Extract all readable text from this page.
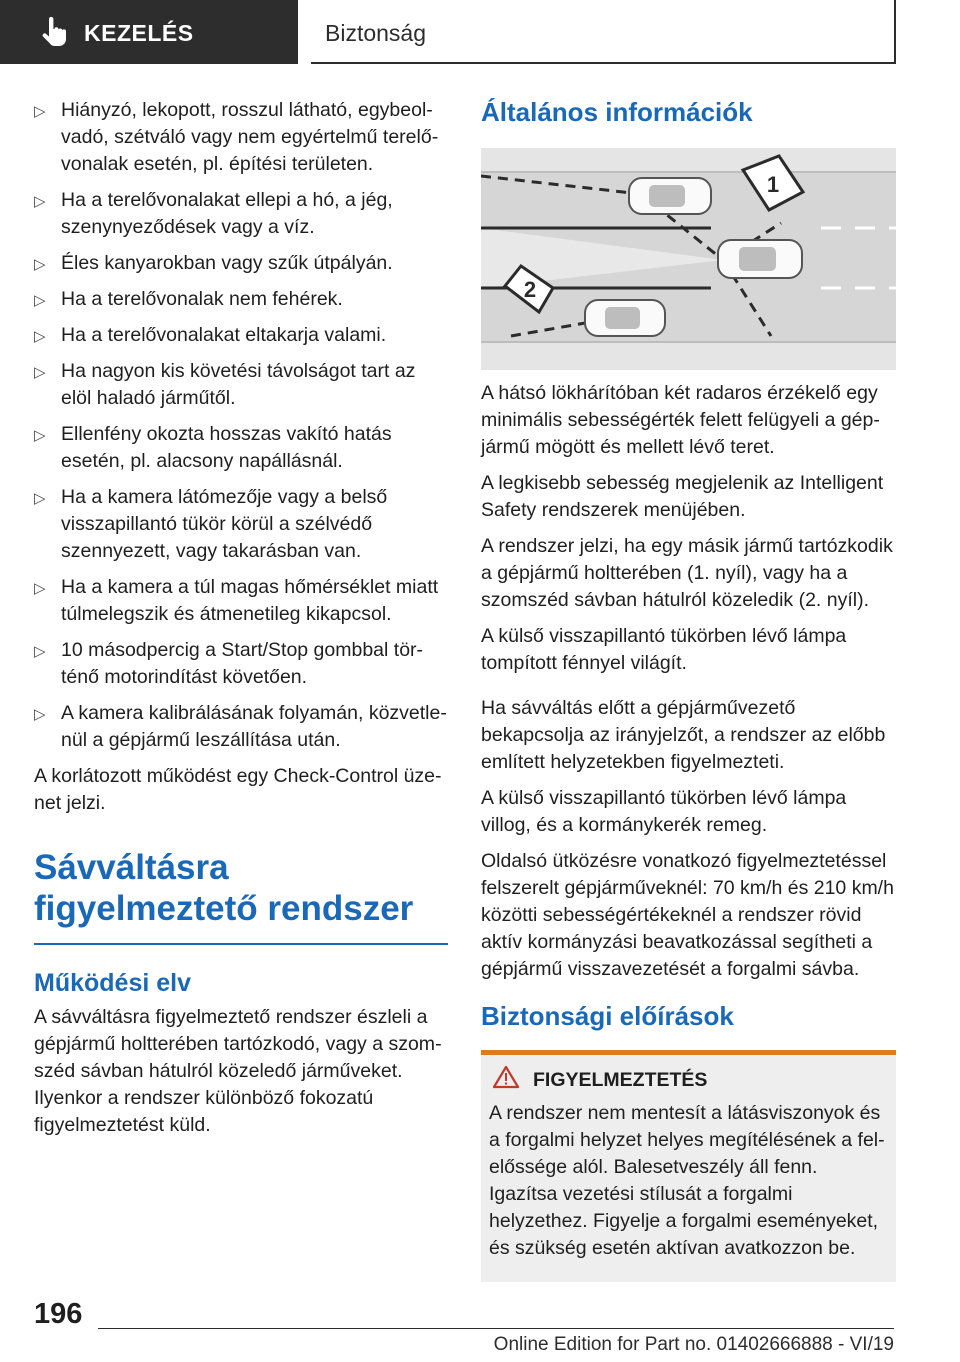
KEZELÉS	Biztonság
▷ Hiányzó, lekopott, rosszul látható, egybeolvadó, szétváló vagy nem egyértelmű terelővonalak esetén, pl. építési területen.
▷ Ha a terelővonalakat ellepi a hó, a jég, szenynyeződések vagy a víz.
▷ Éles kanyarokban vagy szűk útpályán.
▷ Ha a terelővonalak nem fehérek.
▷ Ha a terelővonalakat eltakarja valami.
▷ Ha nagyon kis követési távolságot tart az elöl haladó járműtől.
▷ Ellenfény okozta hosszas vakító hatás esetén, pl. alacsony napállásnál.
▷ Ha a kamera látómezője vagy a belső visszapillantó tükör körül a szélvédő szennyezett, vagy takarásban van.
▷ Ha a kamera a túl magas hőmérséklet miatt túlmelegszik és átmenetileg kikapcsol.
▷ 10 másodpercig a Start/Stop gombbal történő motorindítást követően.
▷ A kamera kalibrálásának folyamán, közvetlenül a gépjármű leszállítása után.

A korlátozott működést egy Check-Control üzenet jelzi.

Sávváltásra figyelmeztető rendszer
Működési elv

A sávváltásra figyelmeztető rendszer észleli a gépjármű holtterében tartózkodó, vagy a szomszéd sávban hátulról közeledő járműveket. Ilyenkor a rendszer különböző fokozatú figyelmeztetést küld.

Általános információk
1
2

A hátsó lökhárítóban két radaros érzékelő egy minimális sebességérték felett felügyeli a gépjármű mögött és mellett lévő teret.

A legkisebb sebesség megjelenik az Intelligent Safety rendszerek menüjében.

A rendszer jelzi, ha egy másik jármű tartózkodik a gépjármű holtterében (1. nyíl), vagy ha a szomszéd sávban hátulról közeledik (2. nyíl).

A külső visszapillantó tükörben lévő lámpa tompított fénnyel világít.

Ha sávváltás előtt a gépjárművezető bekapcsolja az irányjelzőt, a rendszer az előbb említett helyzetekben figyelmezteti.

A külső visszapillantó tükörben lévő lámpa villog, és a kormánykerék remeg.

Oldalsó ütközésre vonatkozó figyelmeztetéssel felszerelt gépjárműveknél: 70 km/h és 210 km/h közötti sebességértékeknél a rendszer rövid aktív kormányzási beavatkozással segítheti a gépjármű visszavezetését a forgalmi sávba.

Biztonsági előírások
FIGYELMEZTETÉS

A rendszer nem mentesít a látásviszonyok és a forgalmi helyzet helyes megítélésének a felelőssége alól. Balesetveszély áll fenn. Igazítsa vezetési stílusát a forgalmi helyzethez. Figyelje a forgalmi eseményeket, és szükség esetén aktívan avatkozzon be.

196
Online Edition for Part no. 01402666888 - VI/19
